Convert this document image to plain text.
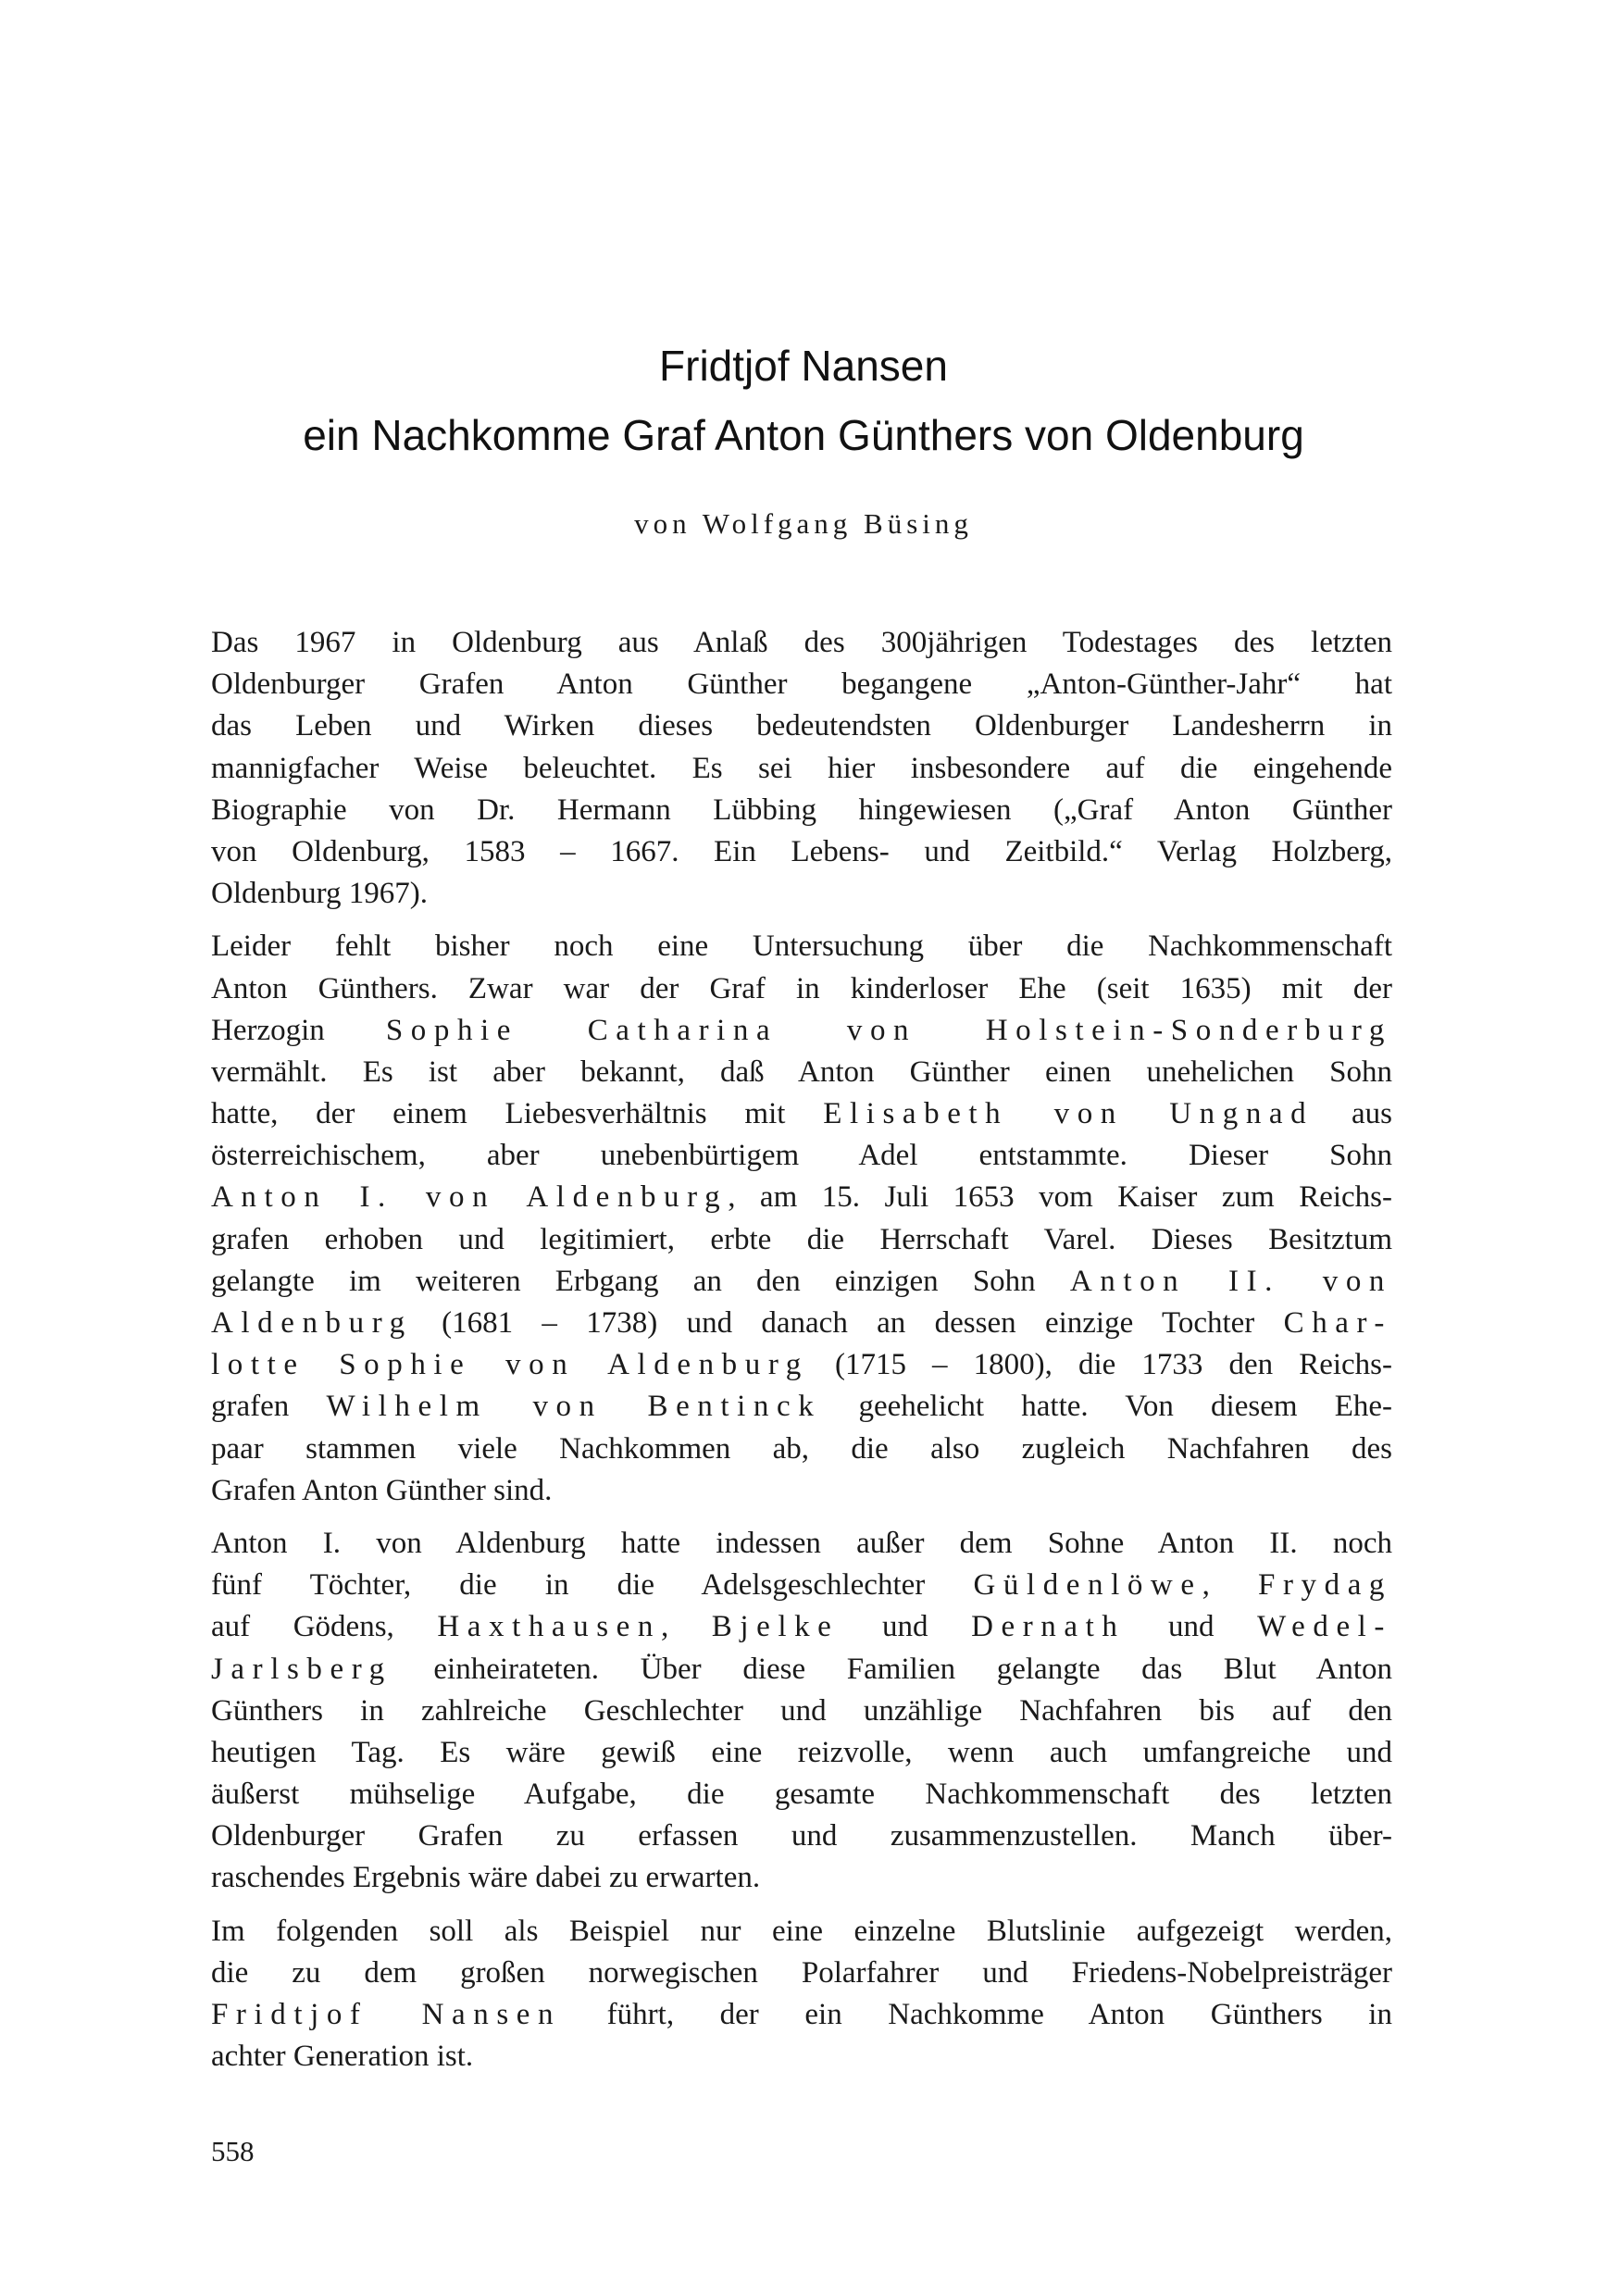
Fridtjof Nansen
ein Nachkomme Graf Anton Günthers von Oldenburg
von Wolfgang Büsing
Das 1967 in Oldenburg aus Anlaß des 300jährigen Todestages des letzten
Oldenburger Grafen Anton Günther begangene „Anton-Günther-Jahr“ hat
das Leben und Wirken dieses bedeutendsten Oldenburger Landesherrn in
mannigfacher Weise beleuchtet. Es sei hier insbesondere auf die eingehende
Biographie von Dr. Hermann Lübbing hingewiesen („Graf Anton Günther
von Oldenburg, 1583 – 1667. Ein Lebens- und Zeitbild.“ Verlag Holzberg,
Oldenburg 1967).
Leider fehlt bisher noch eine Untersuchung über die Nachkommenschaft
Anton Günthers. Zwar war der Graf in kinderloser Ehe (seit 1635) mit der
Herzogin Sophie Catharina von Holstein-Sonderburg
vermählt. Es ist aber bekannt, daß Anton Günther einen unehelichen Sohn
hatte, der einem Liebesverhältnis mit Elisabeth von Ungnad aus
österreichischem, aber unebenbürtigem Adel entstammte. Dieser Sohn
Anton I. von Aldenburg, am 15. Juli 1653 vom Kaiser zum Reichs-
grafen erhoben und legitimiert, erbte die Herrschaft Varel. Dieses Besitztum
gelangte im weiteren Erbgang an den einzigen Sohn Anton II. von
Aldenburg (1681 – 1738) und danach an dessen einzige Tochter Char-
lotte Sophie von Aldenburg (1715 – 1800), die 1733 den Reichs-
grafen Wilhelm von Bentinck geehelicht hatte. Von diesem Ehe-
paar stammen viele Nachkommen ab, die also zugleich Nachfahren des
Grafen Anton Günther sind.
Anton I. von Aldenburg hatte indessen außer dem Sohne Anton II. noch
fünf Töchter, die in die Adelsgeschlechter Güldenlöwe, Frydag
auf Gödens, Haxthausen, Bjelke und Dernath und Wedel-
Jarlsberg einheirateten. Über diese Familien gelangte das Blut Anton
Günthers in zahlreiche Geschlechter und unzählige Nachfahren bis auf den
heutigen Tag. Es wäre gewiß eine reizvolle, wenn auch umfangreiche und
äußerst mühselige Aufgabe, die gesamte Nachkommenschaft des letzten
Oldenburger Grafen zu erfassen und zusammenzustellen. Manch über-
raschendes Ergebnis wäre dabei zu erwarten.
Im folgenden soll als Beispiel nur eine einzelne Blutslinie aufgezeigt werden,
die zu dem großen norwegischen Polarfahrer und Friedens-Nobelpreisträger
Fridtjof Nansen führt, der ein Nachkomme Anton Günthers in
achter Generation ist.
558
